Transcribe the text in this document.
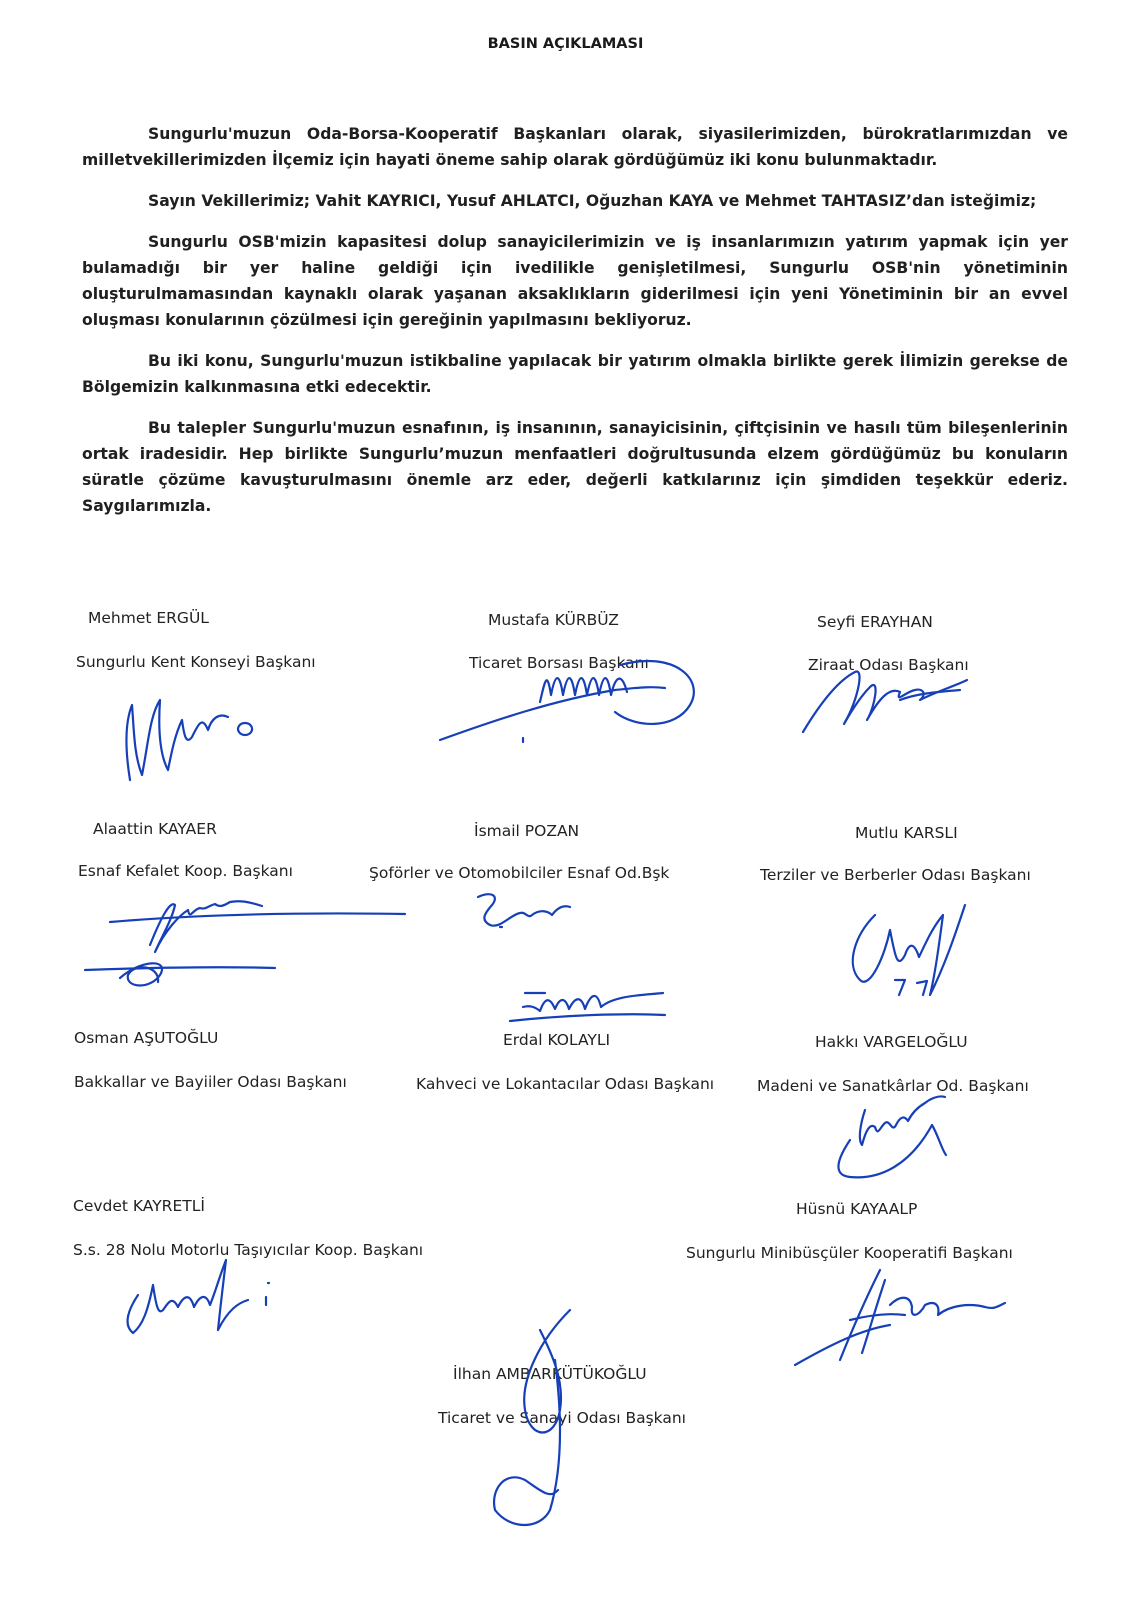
BASIN AÇIKLAMASI

Sungurlu'muzun Oda-Borsa-Kooperatif Başkanları olarak, siyasilerimizden, bürokratlarımızdan ve milletvekillerimizden İlçemiz için hayati öneme sahip olarak gördüğümüz iki konu bulunmaktadır.

Sayın Vekillerimiz; Vahit KAYRICI, Yusuf AHLATCI, Oğuzhan KAYA ve Mehmet TAHTASIZ’dan isteğimiz;

Sungurlu OSB'mizin kapasitesi dolup sanayicilerimizin ve iş insanlarımızın yatırım yapmak için yer bulamadığı bir yer haline geldiği için ivedilikle genişletilmesi, Sungurlu OSB'nin yönetiminin oluşturulmamasından kaynaklı olarak yaşanan aksaklıkların giderilmesi için yeni Yönetiminin bir an evvel oluşması konularının çözülmesi için gereğinin yapılmasını bekliyoruz.

Bu iki konu, Sungurlu'muzun istikbaline yapılacak bir yatırım olmakla birlikte gerek İlimizin gerekse de Bölgemizin kalkınmasına etki edecektir.

Bu talepler Sungurlu'muzun esnafının, iş insanının, sanayicisinin, çiftçisinin ve hasılı tüm bileşenlerinin ortak iradesidir. Hep birlikte Sungurlu’muzun menfaatleri doğrultusunda elzem gördüğümüz bu konuların süratle çözüme kavuşturulmasını önemle arz eder, değerli katkılarınız için şimdiden teşekkür ederiz. Saygılarımızla.

Mehmet ERGÜL
Sungurlu Kent Konseyi Başkanı
Mustafa KÜRBÜZ
Ticaret Borsası Başkanı
Seyfi ERAYHAN
Ziraat Odası Başkanı
Alaattin KAYAER
Esnaf Kefalet Koop. Başkanı
İsmail POZAN
Şoförler ve Otomobilciler Esnaf Od.Bşk
Mutlu KARSLI
Terziler ve Berberler Odası Başkanı
Osman AŞUTOĞLU
Bakkallar ve Bayiiler Odası Başkanı
Erdal KOLAYLI
Kahveci ve Lokantacılar Odası Başkanı
Hakkı VARGELOĞLU
Madeni ve Sanatkârlar Od. Başkanı
Cevdet KAYRETLİ
S.s. 28 Nolu Motorlu Taşıyıcılar Koop. Başkanı
Hüsnü KAYAALP
Sungurlu Minibüsçüler Kooperatifi Başkanı
İlhan AMBARKÜTÜKOĞLU
Ticaret ve Sanayi Odası Başkanı
